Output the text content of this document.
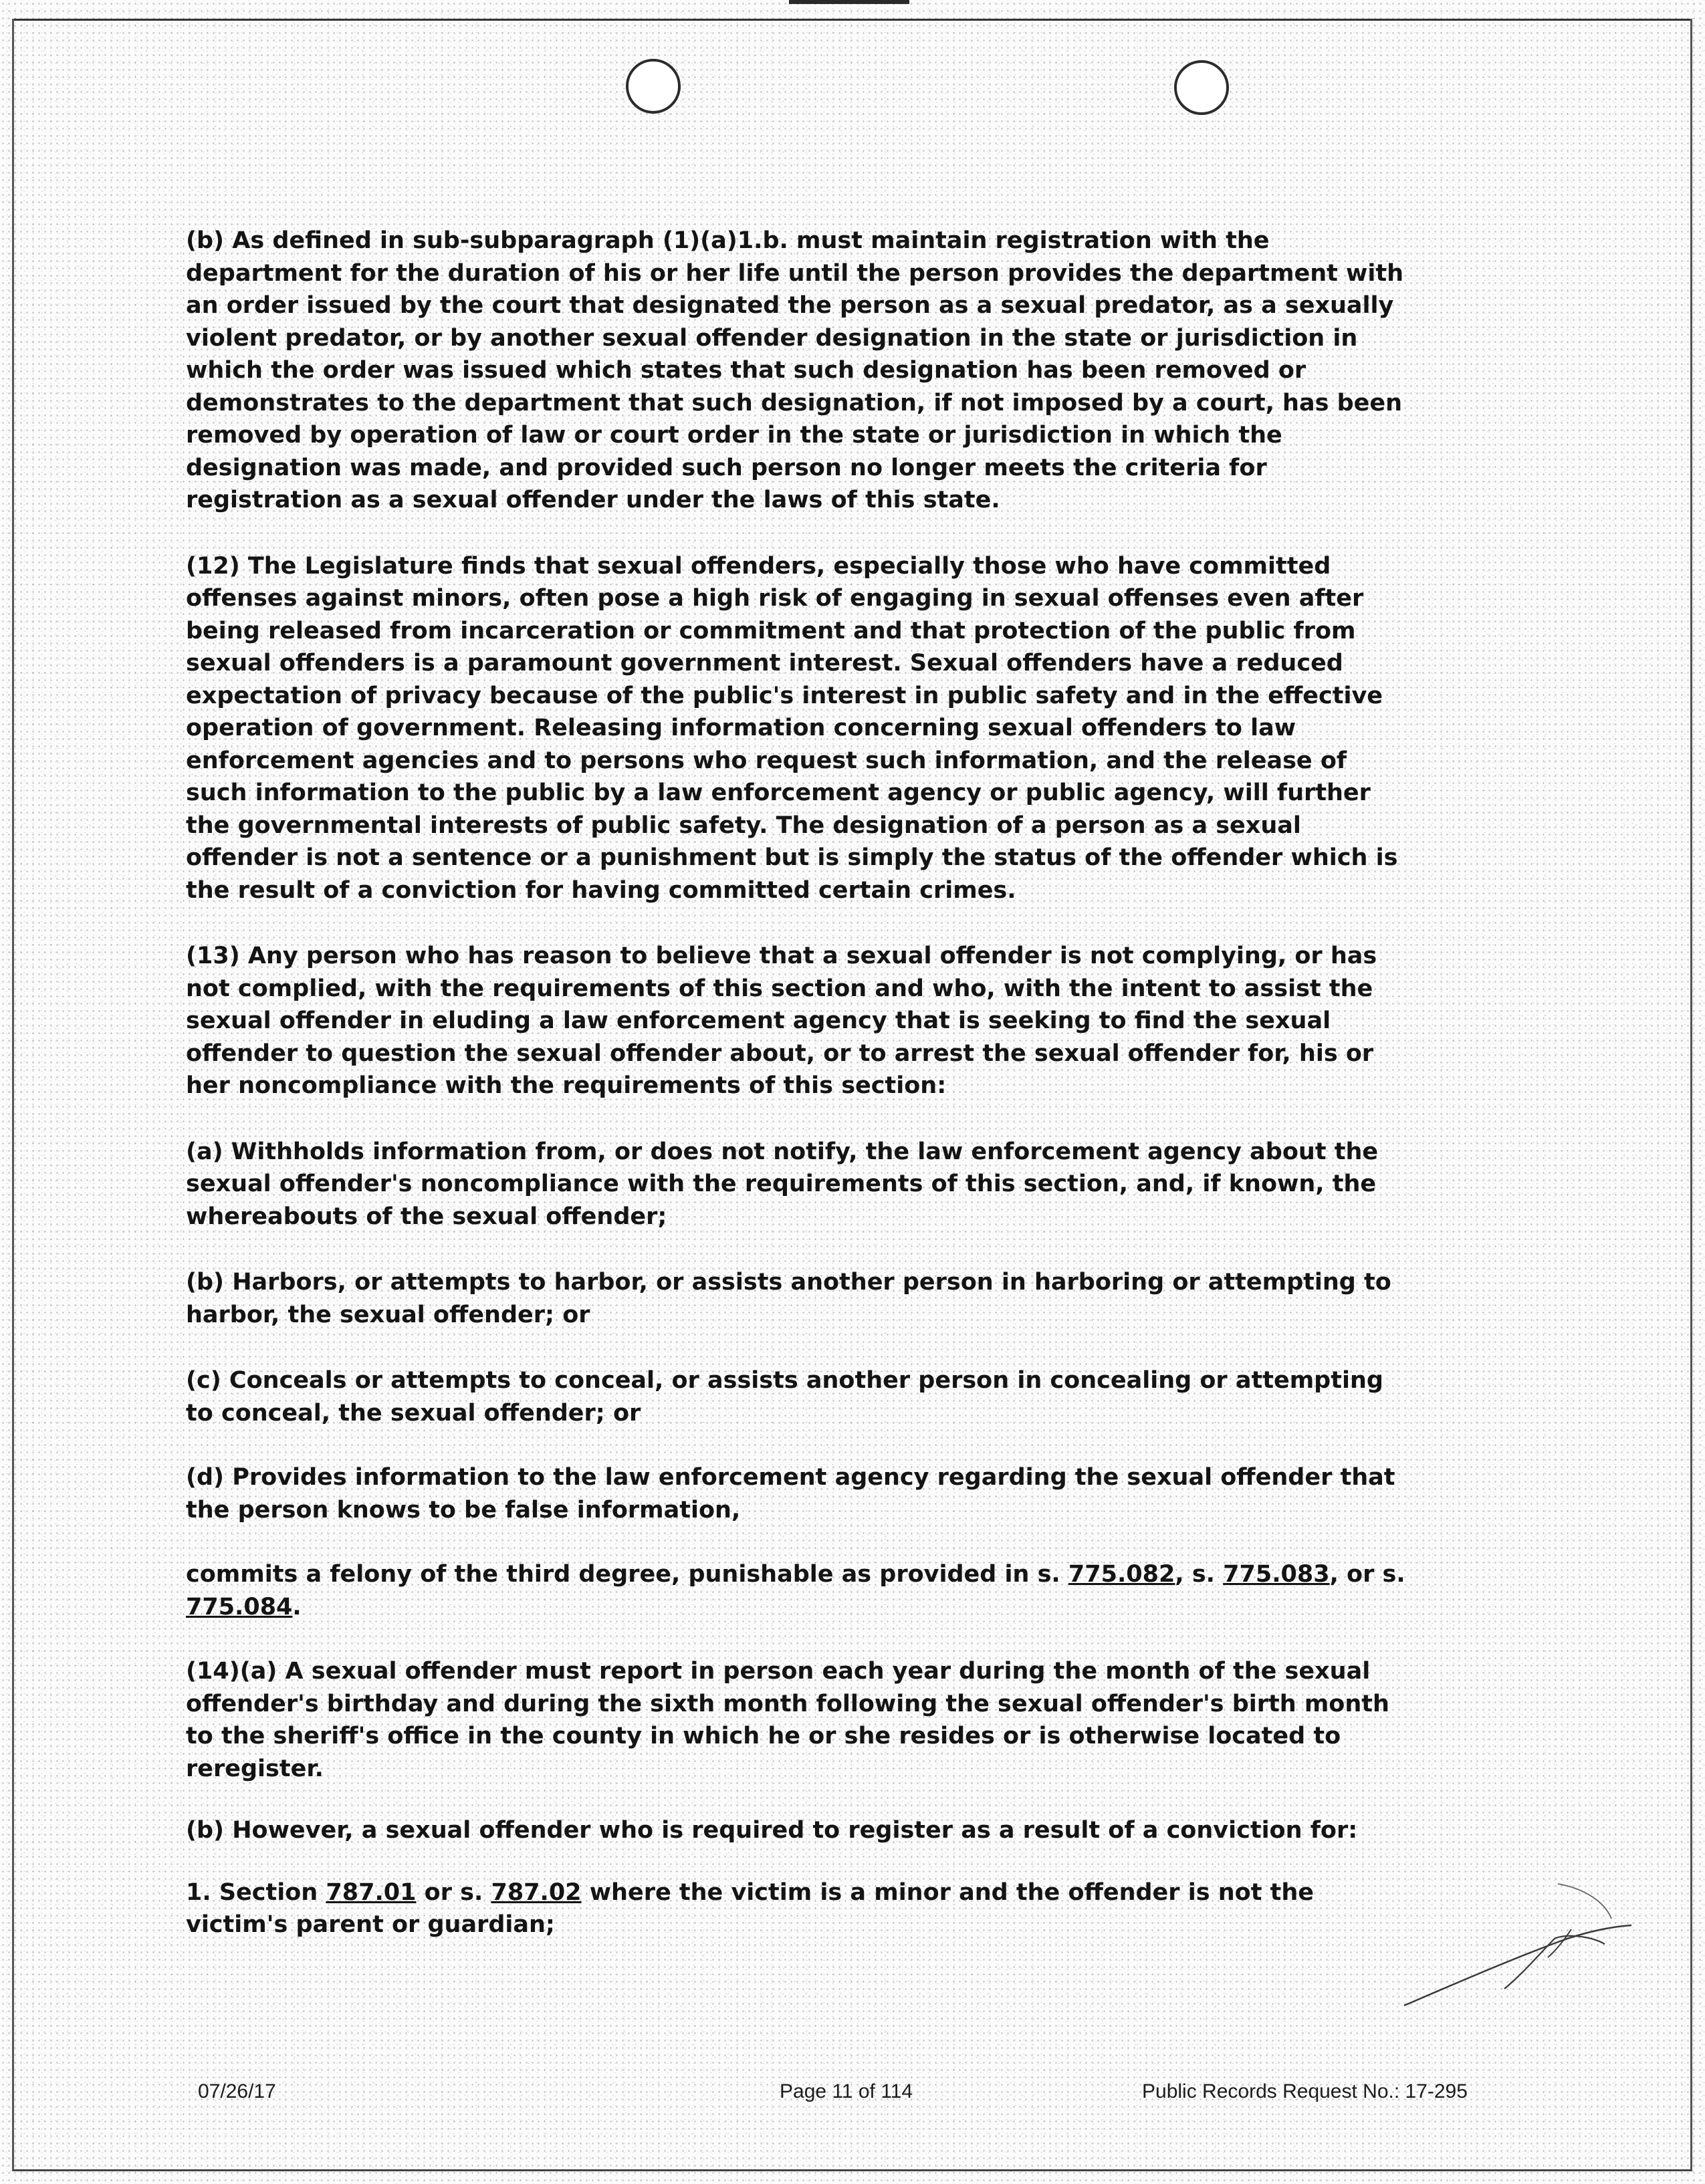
(b) As defined in sub-subparagraph (1)(a)1.b. must maintain registration with the department for the duration of his or her life until the person provides the department with an order issued by the court that designated the person as a sexual predator, as a sexually violent predator, or by another sexual offender designation in the state or jurisdiction in which the order was issued which states that such designation has been removed or demonstrates to the department that such designation, if not imposed by a court, has been removed by operation of law or court order in the state or jurisdiction in which the designation was made, and provided such person no longer meets the criteria for registration as a sexual offender under the laws of this state.

(12) The Legislature finds that sexual offenders, especially those who have committed offenses against minors, often pose a high risk of engaging in sexual offenses even after being released from incarceration or commitment and that protection of the public from sexual offenders is a paramount government interest. Sexual offenders have a reduced expectation of privacy because of the public's interest in public safety and in the effective operation of government. Releasing information concerning sexual offenders to law enforcement agencies and to persons who request such information, and the release of such information to the public by a law enforcement agency or public agency, will further the governmental interests of public safety. The designation of a person as a sexual offender is not a sentence or a punishment but is simply the status of the offender which is the result of a conviction for having committed certain crimes.

(13) Any person who has reason to believe that a sexual offender is not complying, or has not complied, with the requirements of this section and who, with the intent to assist the sexual offender in eluding a law enforcement agency that is seeking to find the sexual offender to question the sexual offender about, or to arrest the sexual offender for, his or her noncompliance with the requirements of this section:

(a) Withholds information from, or does not notify, the law enforcement agency about the sexual offender's noncompliance with the requirements of this section, and, if known, the whereabouts of the sexual offender;

(b) Harbors, or attempts to harbor, or assists another person in harboring or attempting to harbor, the sexual offender; or

(c) Conceals or attempts to conceal, or assists another person in concealing or attempting to conceal, the sexual offender; or

(d) Provides information to the law enforcement agency regarding the sexual offender that the person knows to be false information,

commits a felony of the third degree, punishable as provided in s. 775.082, s. 775.083, or s. 775.084.

(14)(a) A sexual offender must report in person each year during the month of the sexual offender's birthday and during the sixth month following the sexual offender's birth month to the sheriff's office in the county in which he or she resides or is otherwise located to reregister.

(b) However, a sexual offender who is required to register as a result of a conviction for:

1. Section 787.01 or s. 787.02 where the victim is a minor and the offender is not the victim's parent or guardian;

07/26/17	Page 11 of 114	Public Records Request No.: 17-295
